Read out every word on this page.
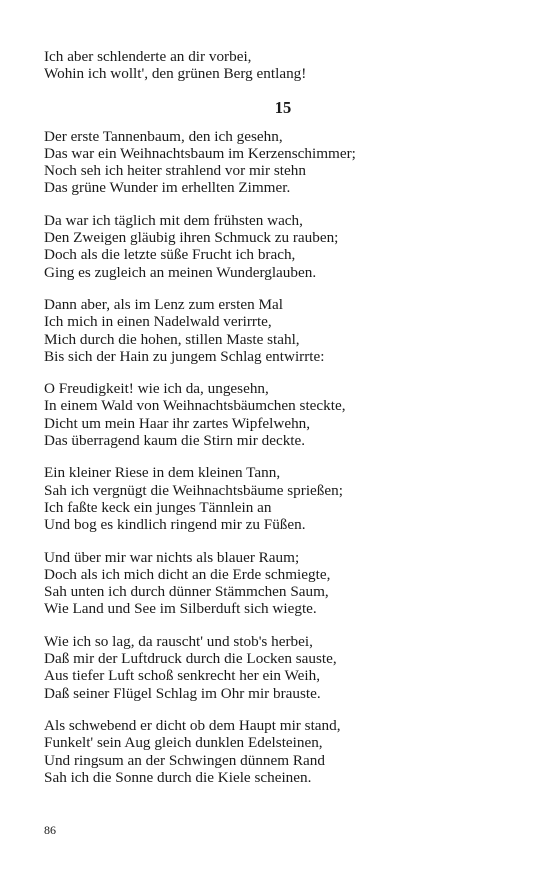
Ich aber schlenderte an dir vorbei,

Wohin ich wollt', den grünen Berg entlang!

15

Der erste Tannenbaum, den ich gesehn,

Das war ein Weihnachtsbaum im Kerzenschimmer;

Noch seh ich heiter strahlend vor mir stehn

Das grüne Wunder im erhellten Zimmer.

Da war ich täglich mit dem frühsten wach,

Den Zweigen gläubig ihren Schmuck zu rauben;

Doch als die letzte süße Frucht ich brach,

Ging es zugleich an meinen Wunderglauben.

Dann aber, als im Lenz zum ersten Mal

Ich mich in einen Nadelwald verirrte,

Mich durch die hohen, stillen Maste stahl,

Bis sich der Hain zu jungem Schlag entwirrte:

O Freudigkeit! wie ich da, ungesehn,

In einem Wald von Weihnachtsbäumchen steckte,

Dicht um mein Haar ihr zartes Wipfelwehn,

Das überragend kaum die Stirn mir deckte.

Ein kleiner Riese in dem kleinen Tann,

Sah ich vergnügt die Weihnachtsbäume sprießen;

Ich faßte keck ein junges Tännlein an

Und bog es kindlich ringend mir zu Füßen.

Und über mir war nichts als blauer Raum;

Doch als ich mich dicht an die Erde schmiegte,

Sah unten ich durch dünner Stämmchen Saum,

Wie Land und See im Silberduft sich wiegte.

Wie ich so lag, da rauscht' und stob's herbei,

Daß mir der Luftdruck durch die Locken sauste,

Aus tiefer Luft schoß senkrecht her ein Weih,

Daß seiner Flügel Schlag im Ohr mir brauste.

Als schwebend er dicht ob dem Haupt mir stand,

Funkelt' sein Aug gleich dunklen Edelsteinen,

Und ringsum an der Schwingen dünnem Rand

Sah ich die Sonne durch die Kiele scheinen.

86
